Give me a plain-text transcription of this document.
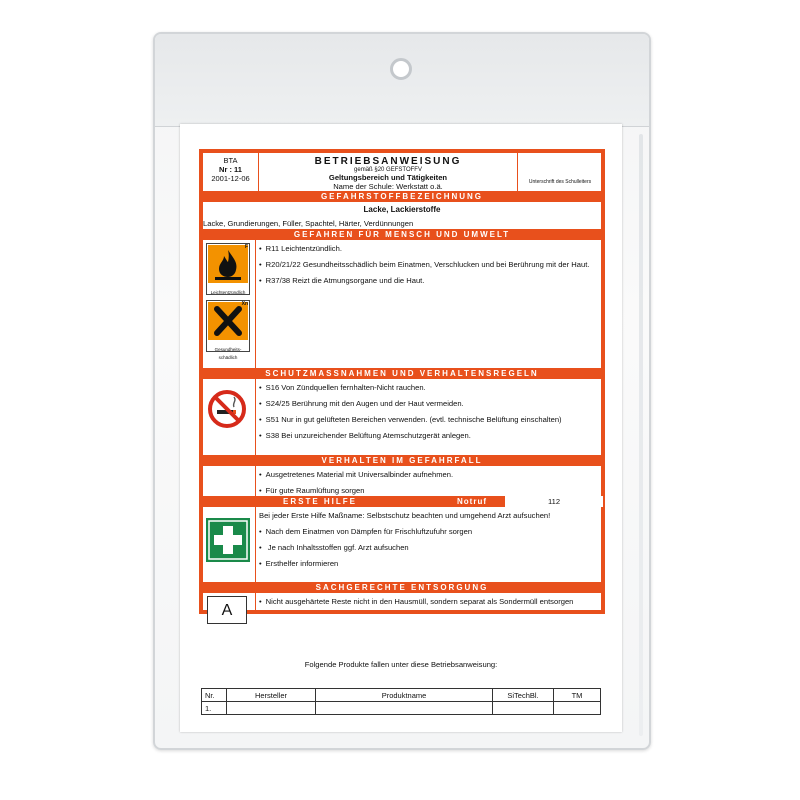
BTA
Nr : 11
2001-12-06
BETRIEBSANWEISUNG
gemäß §20 GEFSTOFFV
Geltungsbereich und Tätigkeiten
Name der Schule: Werkstatt o.ä.	Unterschrift des Schulleiters
GEFAHRSTOFFBEZEICHNUNG
Lacke, Lackierstoffe
Lacke, Grundierungen, Füller, Spachtel, Härter, Verdünnungen
GEFAHREN FÜR MENSCH UND UMWELT
F
Leichtentzündlich
Xn
Gesundheits-schädlich
• R11 Leichtentzündlich.
• R20/21/22 Gesundheitsschädlich beim Einatmen, Verschlucken und bei Berührung mit der Haut.
• R37/38 Reizt die Atmungsorgane und die Haut.
SCHUTZMASSNAHMEN UND VERHALTENSREGELN
• S16 Von Zündquellen fernhalten-Nicht rauchen.
• S24/25 Berührung mit den Augen und der Haut vermeiden.
• S51 Nur in gut gelüfteten Bereichen verwenden. (evtl. technische Belüftung einschalten)
• S38 Bei unzureichender Belüftung Atemschutzgerät anlegen.
VERHALTEN IM GEFAHRFALL
• Ausgetretenes Material mit Universalbinder aufnehmen.
• Für gute Raumlüftung sorgen
ERSTE HILFE	Notruf	112
Bei jeder Erste Hilfe Maßname: Selbstschutz beachten und umgehend Arzt aufsuchen!
• Nach dem Einatmen von Dämpfen für Frischluftzufuhr sorgen
• Je nach Inhaltsstoffen ggf. Arzt aufsuchen
• Ersthelfer informieren
SACHGERECHTE ENTSORGUNG
A
• Nicht ausgehärtete Reste nicht in den Hausmüll, sondern separat als Sondermüll entsorgen
Folgende Produkte fallen unter diese Betriebsanweisung:
Nr.	Hersteller	Produktname	SiTechBl.	TM
1.				
